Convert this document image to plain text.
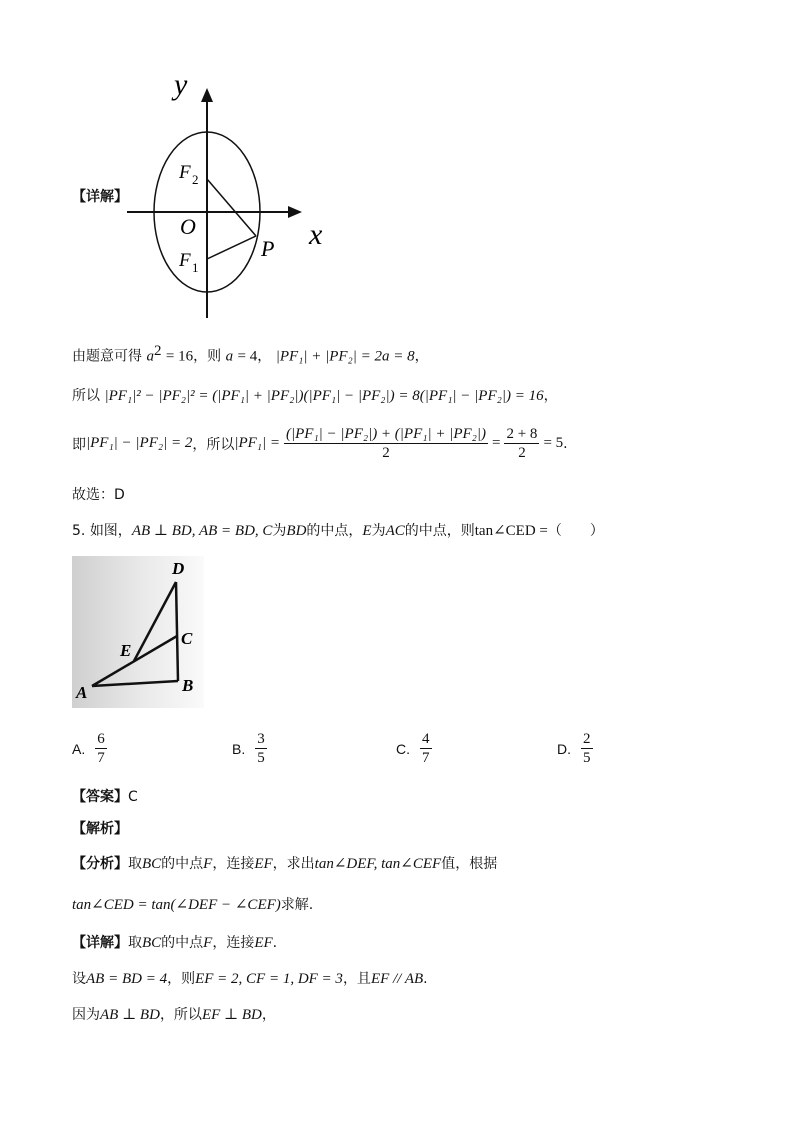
【详解】
y
x
O
F 2
F 1
P
由题意可得 $a^2 = 16$，则 a = 4， |PF₁| + |PF₂| = 2a = 8，
所以 |PF₁|² − |PF₂|² = (|PF₁| + |PF₂|)(|PF₁| − |PF₂|) = 8(|PF₁| − |PF₂|) = 16，
即 |PF₁| − |PF₂| = 2 ，所以 $|PF_1| = \frac{\text{(|PF₁| − |PF₂|) + (|PF₁| + |PF₂|)}}{2} = \frac{2 + 8}{2} = 5$ .
故选：D
5. 如图，AB ⊥ BD, AB = BD, C为BD的中点，E为AC的中点，则tan∠CED =（　　）
D
C
E
A	B
A. $\frac{6}{7}$	B. $\frac{3}{5}$	C. $\frac{4}{7}$	D. $\frac{2}{5}$
【答案】C
【解析】
【分析】取BC的中点F，连接EF，求出tan∠DEF, tan∠CEF值，根据
tan∠CED = tan(∠DEF − ∠CEF)求解.
【详解】取BC的中点F，连接EF.
设AB = BD = 4，则EF = 2, CF = 1, DF = 3，且EF // AB.
因为AB ⊥ BD，所以EF ⊥ BD，
